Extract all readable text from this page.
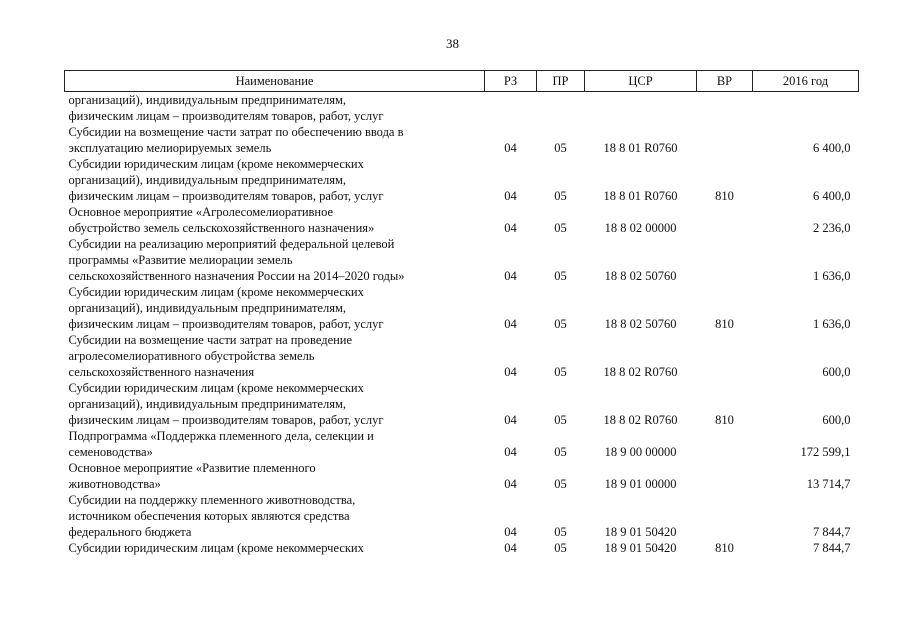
38
Наименование	РЗ	ПР	ЦСР	ВР	2016 год

организаций), индивидуальным предпринимателям,
физическим лицам – производителям товаров, работ, услуг					

Субсидии на возмещение части затрат по обеспечению ввода в
эксплуатацию мелиорируемых земель	04	05	18 8 01 R0760		6 400,0

Субсидии юридическим лицам (кроме некоммерческих
организаций), индивидуальным предпринимателям,
физическим лицам – производителям товаров, работ, услуг	04	05	18 8 01 R0760	810	6 400,0

Основное мероприятие «Агролесомелиоративное
обустройство земель сельскохозяйственного назначения»	04	05	18 8 02 00000		2 236,0

Субсидии на реализацию мероприятий федеральной целевой
программы «Развитие мелиорации земель
сельскохозяйственного назначения России на 2014–2020 годы»	04	05	18 8 02 50760		1 636,0

Субсидии юридическим лицам (кроме некоммерческих
организаций), индивидуальным предпринимателям,
физическим лицам – производителям товаров, работ, услуг	04	05	18 8 02 50760	810	1 636,0

Субсидии на возмещение части затрат на проведение
агролесомелиоративного обустройства земель
сельскохозяйственного назначения	04	05	18 8 02 R0760		600,0

Субсидии юридическим лицам (кроме некоммерческих
организаций), индивидуальным предпринимателям,
физическим лицам – производителям товаров, работ, услуг	04	05	18 8 02 R0760	810	600,0

Подпрограмма «Поддержка племенного дела, селекции и
семеноводства»	04	05	18 9 00 00000		172 599,1

Основное мероприятие «Развитие племенного
животноводства»	04	05	18 9 01 00000		13 714,7

Субсидии на поддержку племенного животноводства,
источником обеспечения которых являются средства
федерального бюджета	04	05	18 9 01 50420		7 844,7

Субсидии юридическим лицам (кроме некоммерческих	04	05	18 9 01 50420	810	7 844,7
